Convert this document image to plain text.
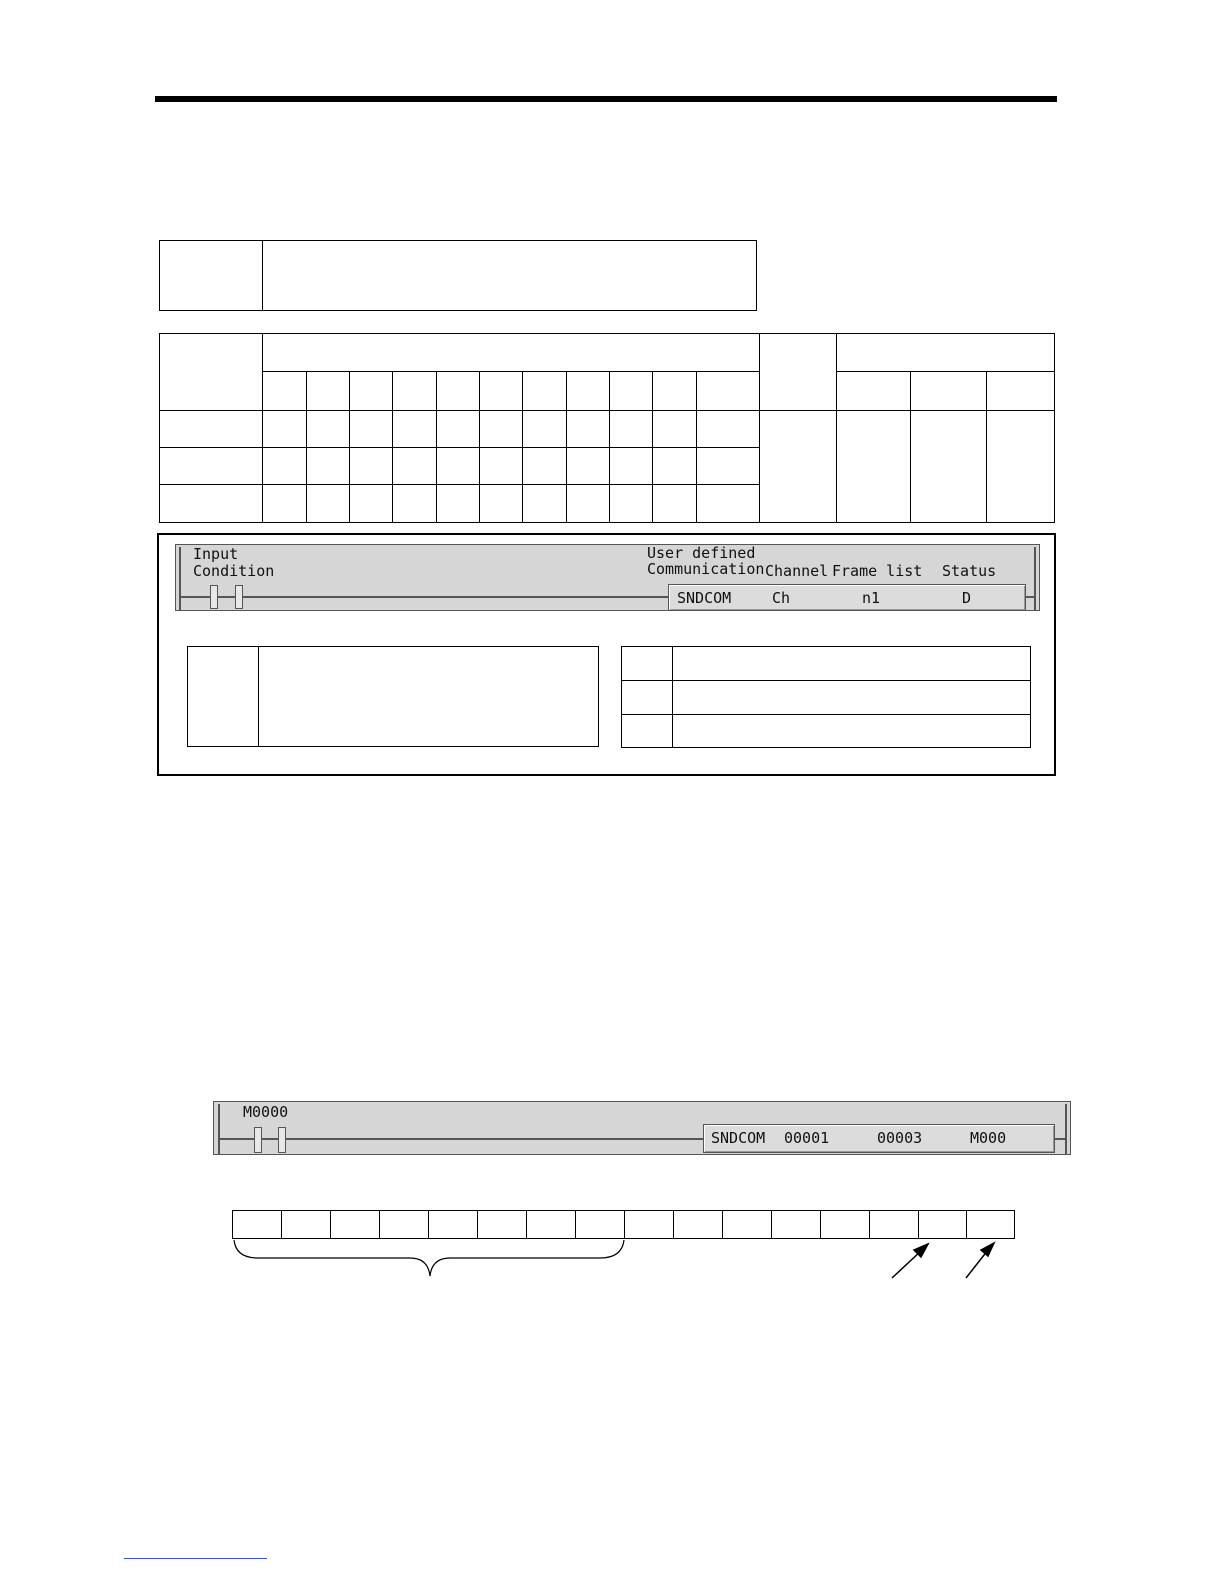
Input
Condition
User defined
Communication Channel Frame list Status
SNDCOM	Ch	n1	D

M0000
SNDCOM 00001	00003	M000
